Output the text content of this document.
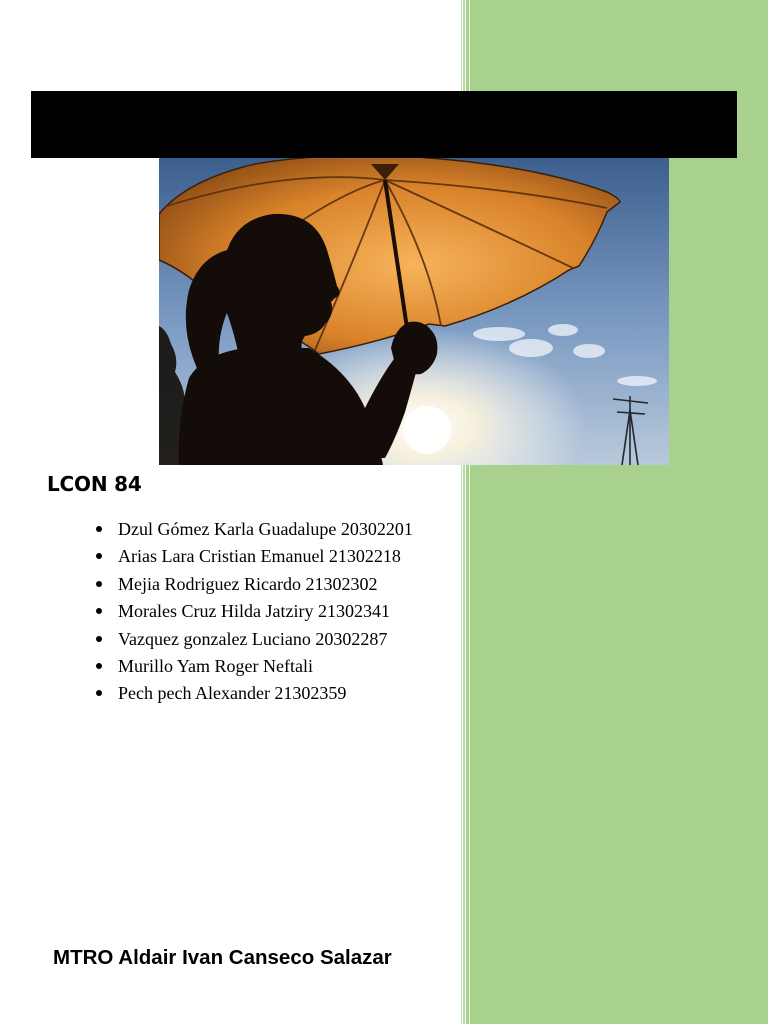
LCON 84
Dzul Gómez Karla Guadalupe 20302201
Arias Lara Cristian Emanuel 21302218
Mejia Rodriguez Ricardo 21302302
Morales Cruz Hilda Jatziry 21302341
Vazquez gonzalez Luciano 20302287
Murillo Yam Roger Neftali
Pech pech Alexander 21302359

MTRO Aldair Ivan Canseco Salazar
